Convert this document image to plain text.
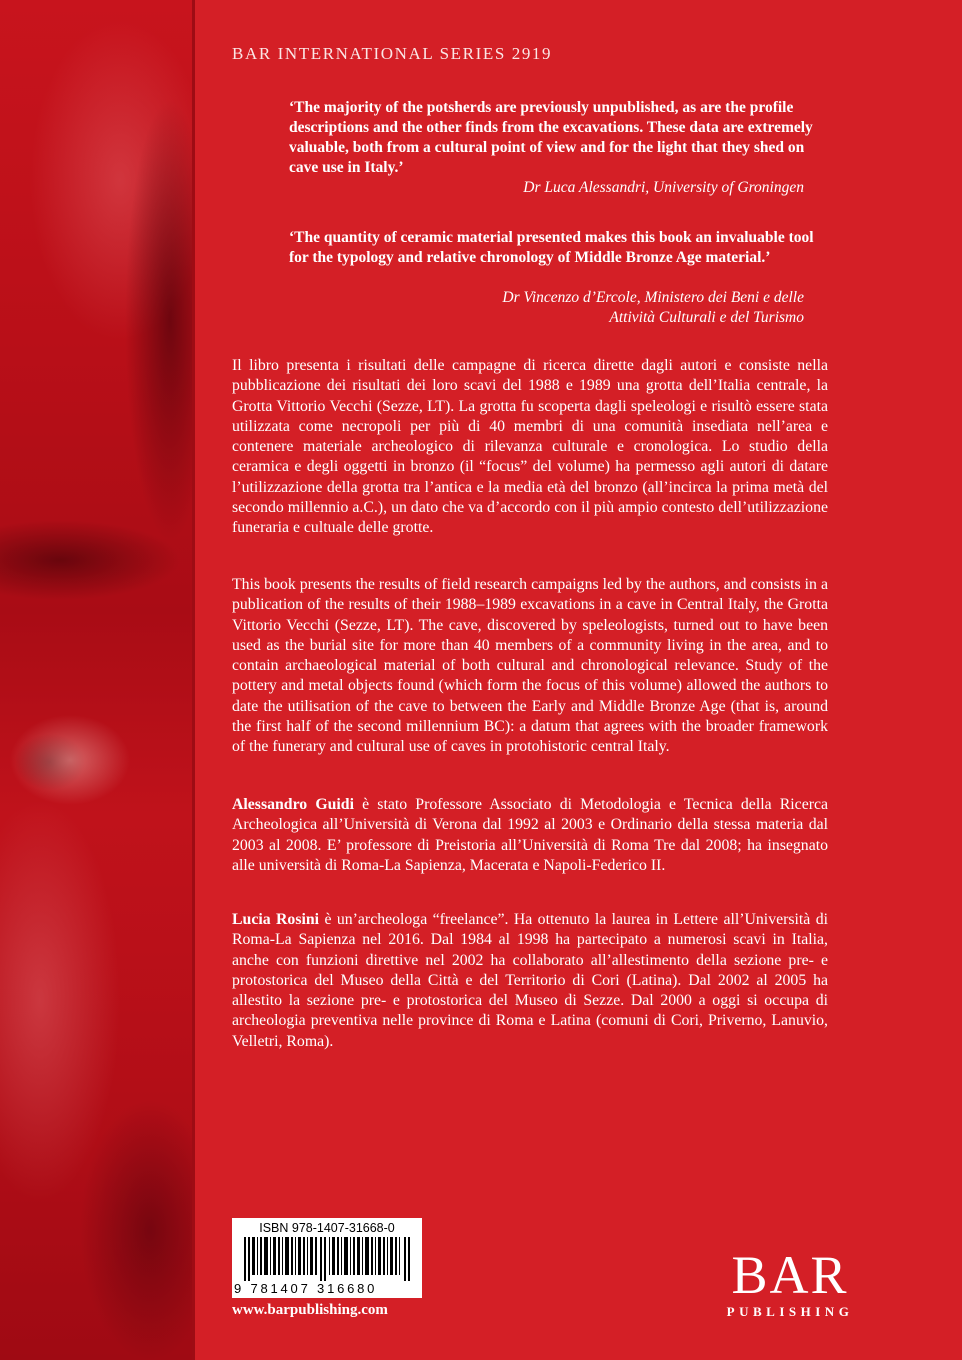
BAR INTERNATIONAL SERIES 2919
‘The majority of the potsherds are previously unpublished, as are the profile descriptions and the other finds from the excavations. These data are extremely valuable, both from a cultural point of view and for the light that they shed on cave use in Italy.’
Dr Luca Alessandri, University of Groningen
‘The quantity of ceramic material presented makes this book an invaluable tool for the typology and relative chronology of Middle Bronze Age material.’
Dr Vincenzo d’Ercole, Ministero dei Beni e delle
Attività Culturali e del Turismo
Il libro presenta i risultati delle campagne di ricerca dirette dagli autori e consiste nella pubblicazione dei risultati dei loro scavi del 1988 e 1989 una grotta dell’Italia centrale, la Grotta Vittorio Vecchi (Sezze, LT). La grotta fu scoperta dagli speleologi e risultò essere stata utilizzata come necropoli per più di 40 membri di una comunità insediata nell’area e contenere materiale archeologico di rilevanza culturale e cronologica. Lo studio della ceramica e degli oggetti in bronzo (il “focus” del volume) ha permesso agli autori di datare l’utilizzazione della grotta tra l’antica e la media età del bronzo (all’incirca la prima metà del secondo millennio a.C.), un dato che va d’accordo con il più ampio contesto dell’utilizzazione funeraria e cultuale delle grotte.
This book presents the results of field research campaigns led by the authors, and consists in a publication of the results of their 1988–1989 excavations in a cave in Central Italy, the Grotta Vittorio Vecchi (Sezze, LT). The cave, discovered by speleologists, turned out to have been used as the burial site for more than 40 members of a community living in the area, and to contain archaeological material of both cultural and chronological relevance. Study of the pottery and metal objects found (which form the focus of this volume) allowed the authors to date the utilisation of the cave to between the Early and Middle Bronze Age (that is, around the first half of the second millennium BC): a datum that agrees with the broader framework of the funerary and cultural use of caves in protohistoric central Italy.
Alessandro Guidi è stato Professore Associato di Metodologia e Tecnica della Ricerca Archeologica all’Università di Verona dal 1992 al 2003 e Ordinario della stessa materia dal 2003 al 2008. E’ professore di Preistoria all’Università di Roma Tre dal 2008; ha insegnato alle università di Roma-La Sapienza, Macerata e Napoli-Federico II.
Lucia Rosini è un’archeologa “freelance”. Ha ottenuto la laurea in Lettere all’Università di Roma-La Sapienza nel 2016. Dal 1984 al 1998 ha partecipato a numerosi scavi in Italia, anche con funzioni direttive nel 2002 ha collaborato all’allestimento della sezione pre- e protostorica del Museo della Città e del Territorio di Cori (Latina). Dal 2002 al 2005 ha allestito la sezione pre- e protostorica del Museo di Sezze. Dal 2000 a oggi si occupa di archeologia preventiva nelle province di Roma e Latina (comuni di Cori, Priverno, Lanuvio, Velletri, Roma).
ISBN 978-1407-31668-0
9 781407 316680
www.barpublishing.com
BAR
PUBLISHING
